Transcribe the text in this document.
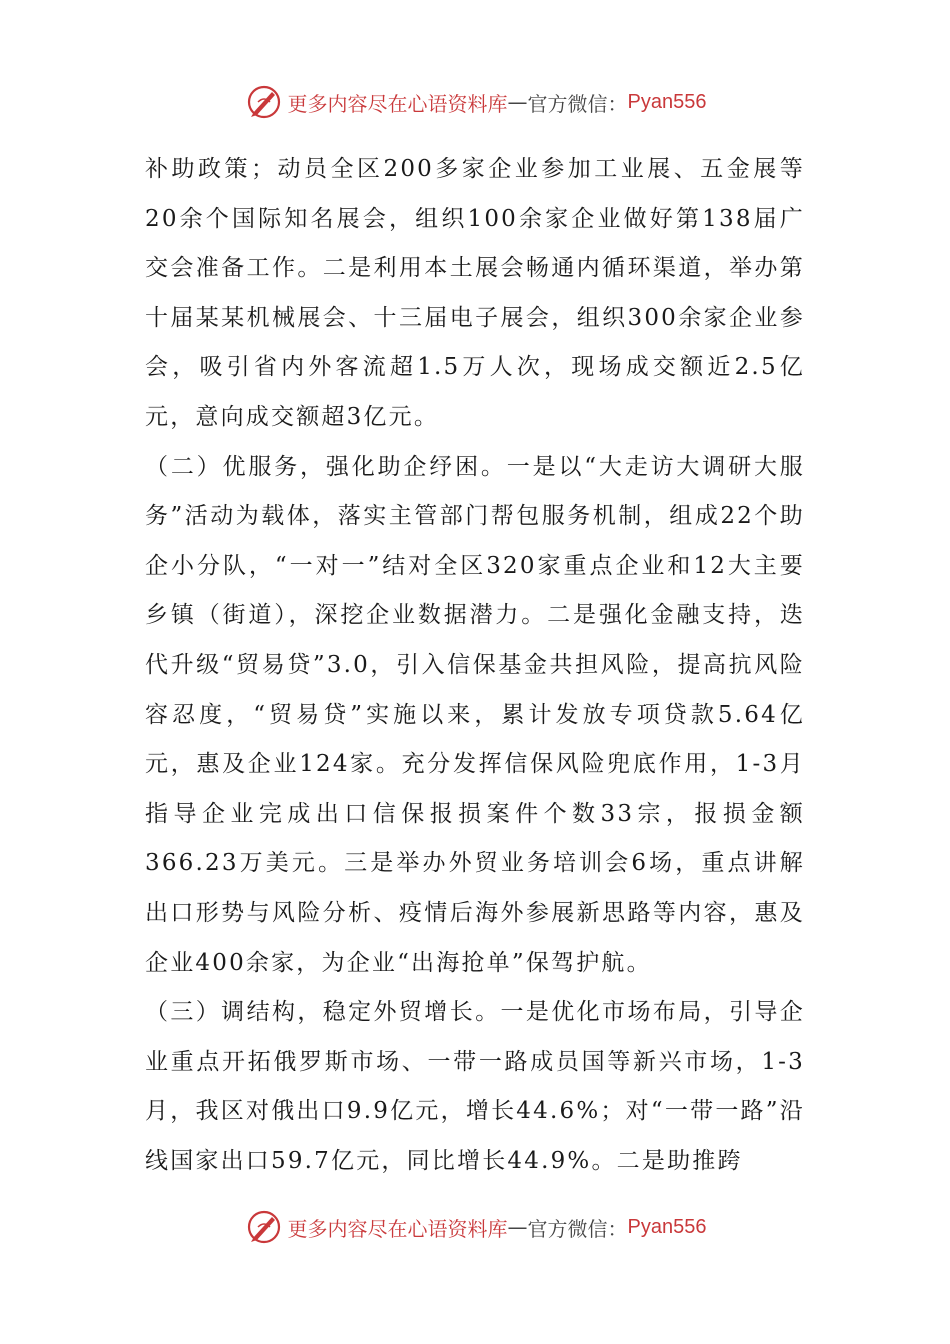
更多内容尽在心语资料库 — 官方微信： Pyan556

补助政策；动员全区200多家企业参加工业展、五金展等20余个国际知名展会，组织100余家企业做好第138届广交会准备工作。二是利用本土展会畅通内循环渠道，举办第十届某某机械展会、十三届电子展会，组织300余家企业参会，吸引省内外客流超1.5万人次，现场成交额近2.5亿元，意向成交额超3亿元。

（二）优服务，强化助企纾困。一是以“大走访大调研大服务”活动为载体，落实主管部门帮包服务机制，组成22个助企小分队，“一对一”结对全区320家重点企业和12大主要乡镇（街道），深挖企业数据潜力。二是强化金融支持，迭代升级“贸易贷”3.0，引入信保基金共担风险，提高抗风险容忍度，“贸易贷”实施以来，累计发放专项贷款5.64亿元，惠及企业124家。充分发挥信保风险兜底作用，1-3月指导企业完成出口信保报损案件个数33宗，报损金额366.23万美元。三是举办外贸业务培训会6场，重点讲解出口形势与风险分析、疫情后海外参展新思路等内容，惠及企业400余家，为企业“出海抢单”保驾护航。

（三）调结构，稳定外贸增长。一是优化市场布局，引导企业重点开拓俄罗斯市场、一带一路成员国等新兴市场，1-3月，我区对俄出口9.9亿元，增长44.6%；对“一带一路”沿线国家出口59.7亿元，同比增长44.9%。二是助推跨

更多内容尽在心语资料库 — 官方微信： Pyan556
